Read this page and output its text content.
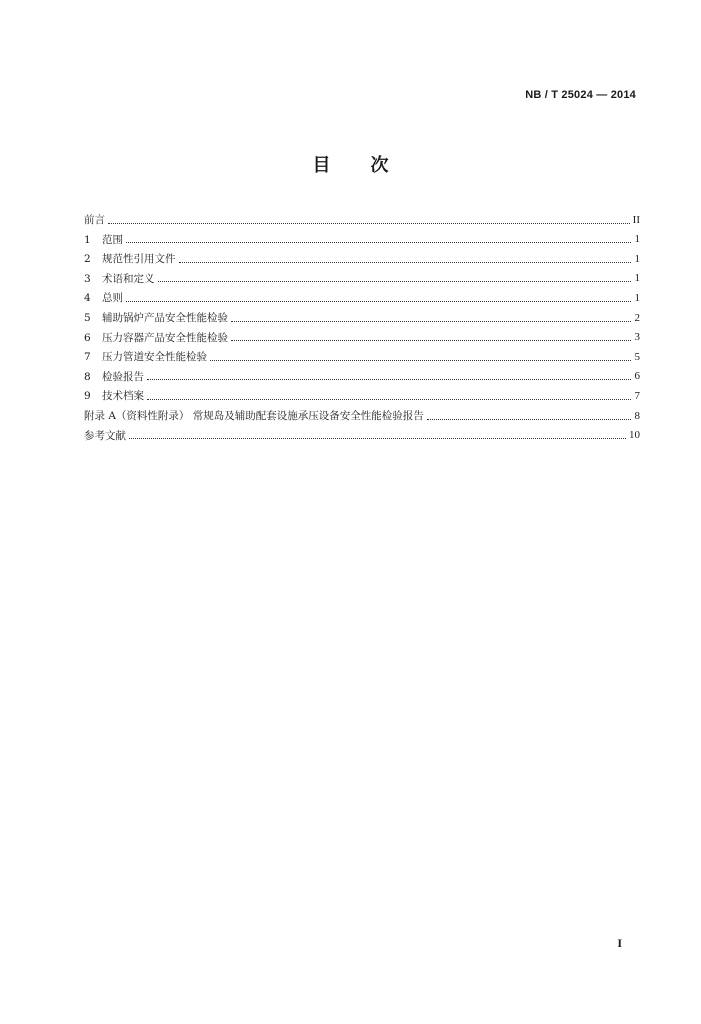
NB / T 25024 — 2014
目 次
前言	II
1	范围	1
2	规范性引用文件	1
3	术语和定义	1
4	总则	1
5	辅助锅炉产品安全性能检验	2
6	压力容器产品安全性能检验	3
7	压力管道安全性能检验	5
8	检验报告	6
9	技术档案	7
附录 A（资料性附录） 常规岛及辅助配套设施承压设备安全性能检验报告	8
参考文献	10
I
